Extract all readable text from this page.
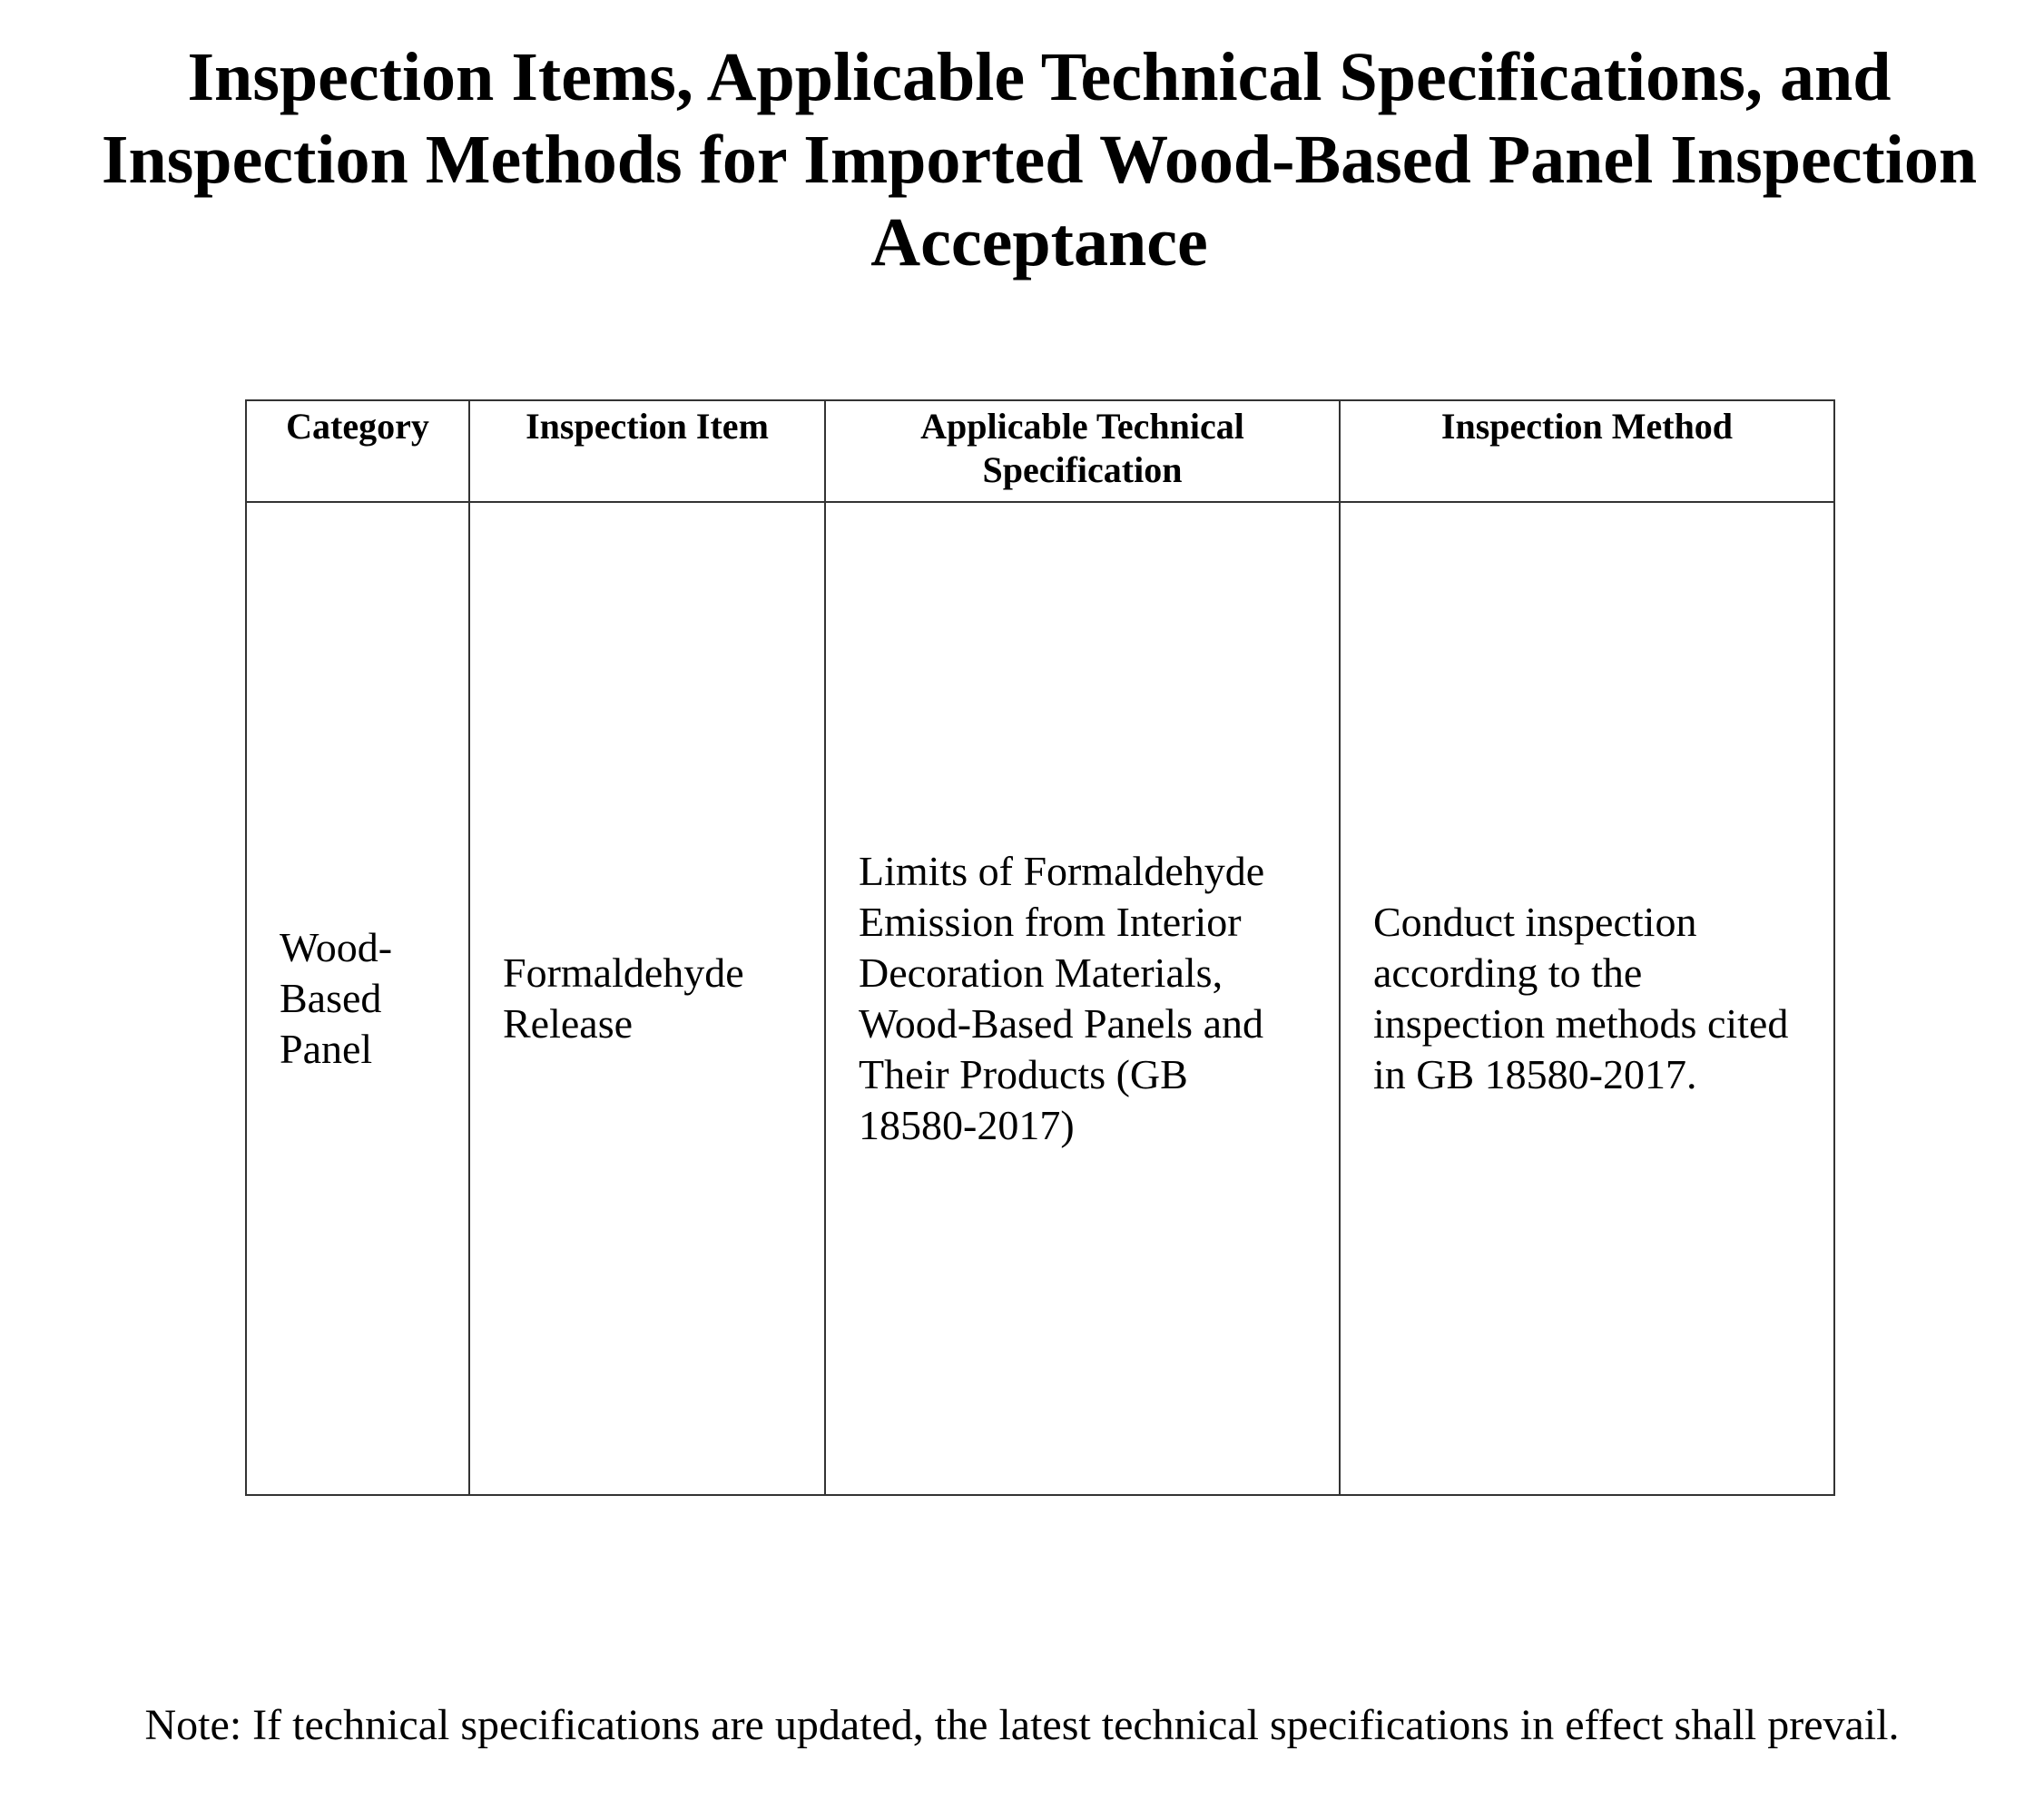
Inspection Items, Applicable Technical Specifications, and Inspection Methods for Imported Wood-Based Panel Inspection Acceptance
Category	Inspection Item	Applicable Technical Specification	Inspection Method
Wood-Based Panel	Formaldehyde Release	Limits of Formaldehyde Emission from Interior Decoration Materials, Wood-Based Panels and Their Products (GB 18580-2017)	Conduct inspection according to the inspection methods cited in GB 18580-2017.

Note: If technical specifications are updated, the latest technical specifications in effect shall prevail.
